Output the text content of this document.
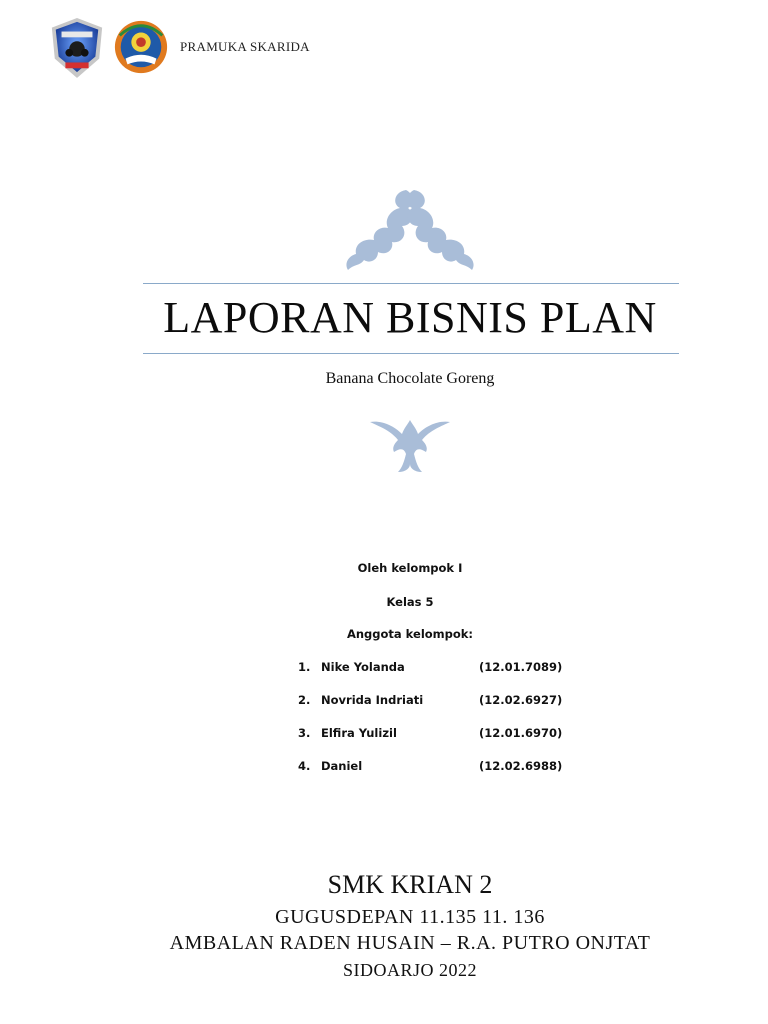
PRAMUKA SKARIDA
LAPORAN BISNIS PLAN
Banana Chocolate Goreng
Oleh kelompok I
Kelas 5
Anggota kelompok:
1. Nike Yolanda	(12.01.7089)
2. Novrida Indriati	(12.02.6927)
3. Elfira Yulizil	(12.01.6970)
4. Daniel	(12.02.6988)
SMK KRIAN 2
GUGUSDEPAN 11.135 11. 136
AMBALAN RADEN HUSAIN – R.A. PUTRO ONJTAT
SIDOARJO 2022
